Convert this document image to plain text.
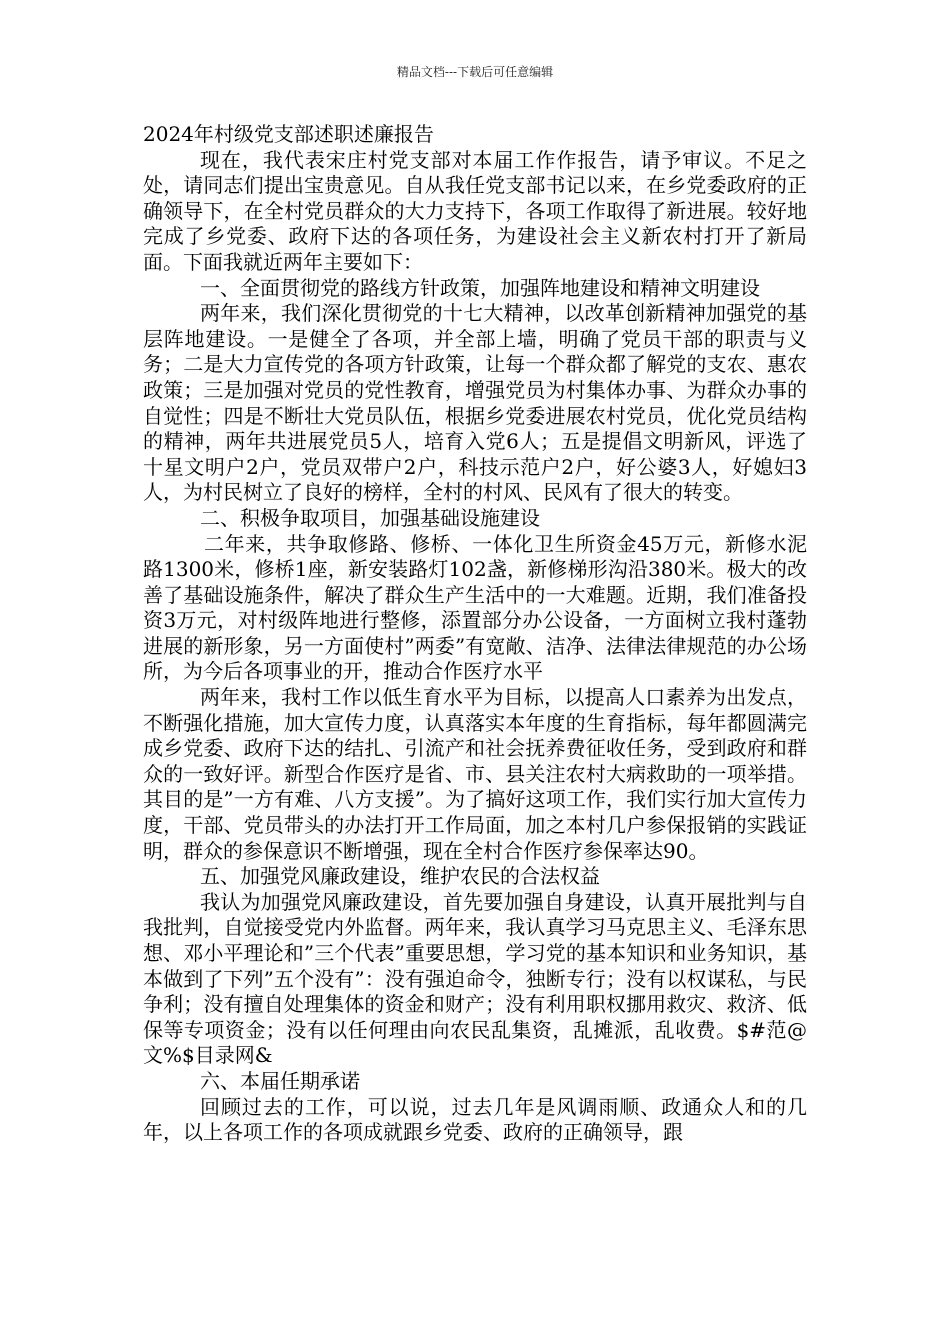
精品文档---下载后可任意编辑

2024年村级党支部述职述廉报告

现在，我代表宋庄村党支部对本届工作作报告，请予审议。不足之处，请同志们提出宝贵意见。自从我任党支部书记以来，在乡党委政府的正确领导下，在全村党员群众的大力支持下，各项工作取得了新进展。较好地完成了乡党委、政府下达的各项任务，为建设社会主义新农村打开了新局面。下面我就近两年主要如下：

一、全面贯彻党的路线方针政策，加强阵地建设和精神文明建设

两年来，我们深化贯彻党的十七大精神，以改革创新精神加强党的基层阵地建设。一是健全了各项，并全部上墙，明确了党员干部的职责与义务；二是大力宣传党的各项方针政策，让每一个群众都了解党的支农、惠农政策；三是加强对党员的党性教育，增强党员为村集体办事、为群众办事的自觉性；四是不断壮大党员队伍，根据乡党委进展农村党员，优化党员结构的精神，两年共进展党员5人，培育入党6人；五是提倡文明新风，评选了十星文明户2户，党员双带户2户，科技示范户2户，好公婆3人，好媳妇3人，为村民树立了良好的榜样，全村的村风、民风有了很大的转变。

二、积极争取项目，加强基础设施建设

二年来，共争取修路、修桥、一体化卫生所资金45万元，新修水泥路1300米，修桥1座，新安装路灯102盏，新修梯形沟沿380米。极大的改善了基础设施条件，解决了群众生产生活中的一大难题。近期，我们准备投资3万元，对村级阵地进行整修，添置部分办公设备，一方面树立我村蓬勃进展的新形象，另一方面使村”两委”有宽敞、洁净、法律法律规范的办公场所，为今后各项事业的开，推动合作医疗水平

两年来，我村工作以低生育水平为目标，以提高人口素养为出发点，不断强化措施，加大宣传力度，认真落实本年度的生育指标，每年都圆满完成乡党委、政府下达的结扎、引流产和社会抚养费征收任务，受到政府和群众的一致好评。新型合作医疗是省、市、县关注农村大病救助的一项举措。其目的是”一方有难、八方支援”。为了搞好这项工作，我们实行加大宣传力度，干部、党员带头的办法打开工作局面，加之本村几户参保报销的实践证明，群众的参保意识不断增强，现在全村合作医疗参保率达90。

五、加强党风廉政建设，维护农民的合法权益

我认为加强党风廉政建设，首先要加强自身建设，认真开展批判与自我批判，自觉接受党内外监督。两年来，我认真学习马克思主义、毛泽东思想、邓小平理论和”三个代表”重要思想，学习党的基本知识和业务知识，基本做到了下列”五个没有”：没有强迫命令，独断专行；没有以权谋私，与民争利；没有擅自处理集体的资金和财产；没有利用职权挪用救灾、救济、低保等专项资金；没有以任何理由向农民乱集资，乱摊派，乱收费。$#范@文%$目录网&

六、本届任期承诺

回顾过去的工作，可以说，过去几年是风调雨顺、政通众人和的几年，以上各项工作的各项成就跟乡党委、政府的正确领导，跟
